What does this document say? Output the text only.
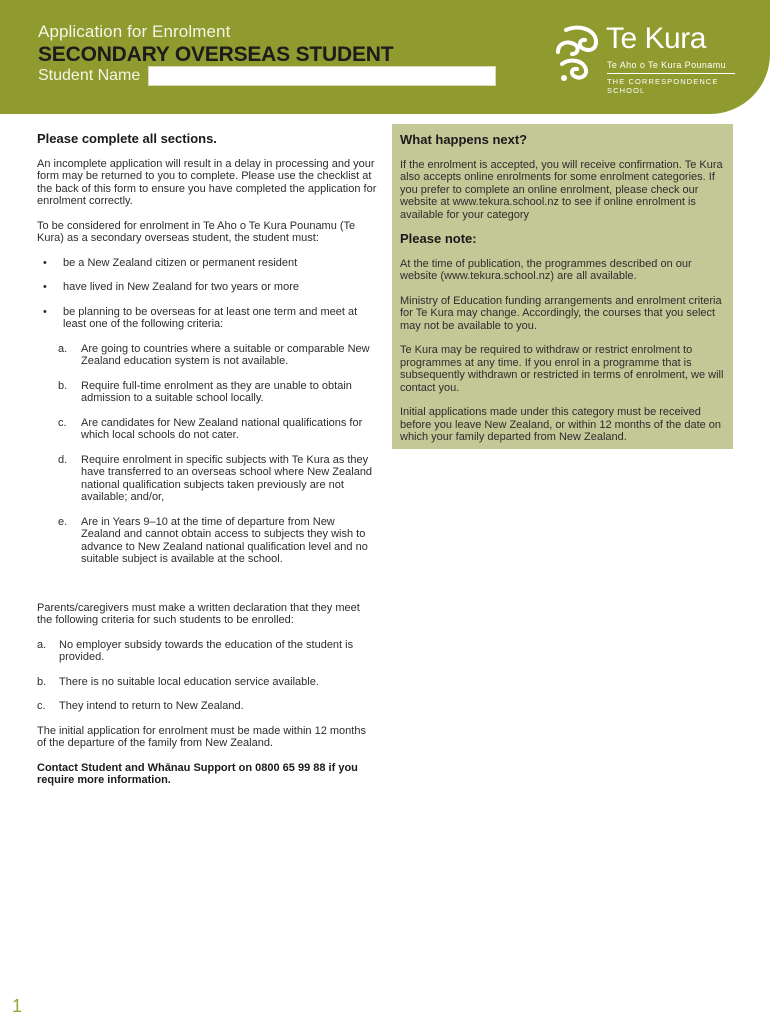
Application for Enrolment
SECONDARY OVERSEAS STUDENT
Student Name
Te Kura
Te Aho o Te Kura Pounamu
THE CORRESPONDENCE SCHOOL
Please complete all sections.

An incomplete application will result in a delay in processing and your form may be returned to you to complete. Please use the checklist at the back of this form to ensure you have completed the application for enrolment correctly.

To be considered for enrolment in Te Aho o Te Kura Pounamu (Te Kura) as a secondary overseas student, the student must:

• be a New Zealand citizen or permanent resident
• have lived in New Zealand for two years or more
• be planning to be overseas for at least one term and meet at least one of the following criteria:
a. Are going to countries where a suitable or comparable New Zealand education system is not available.
b. Require full-time enrolment as they are unable to obtain admission to a suitable school locally.
c. Are candidates for New Zealand national qualifications for which local schools do not cater.
d. Require enrolment in specific subjects with Te Kura as they have transferred to an overseas school where New Zealand national qualification subjects taken previously are not available; and/or,
e. Are in Years 9–10 at the time of departure from New Zealand and cannot obtain access to subjects they wish to advance to New Zealand national qualification level and no suitable subject is available at the school.

Parents/caregivers must make a written declaration that they meet the following criteria for such students to be enrolled:

a. No employer subsidy towards the education of the student is provided.
b. There is no suitable local education service available.
c. They intend to return to New Zealand.

The initial application for enrolment must be made within 12 months of the departure of the family from New Zealand.

Contact Student and Whānau Support on 0800 65 99 88 if you require more information.

What happens next?

If the enrolment is accepted, you will receive confirmation. Te Kura also accepts online enrolments for some enrolment categories. If you prefer to complete an online enrolment, please check our website at www.tekura.school.nz to see if online enrolment is available for your category

Please note:

At the time of publication, the programmes described on our website (www.tekura.school.nz) are all available.

Ministry of Education funding arrangements and enrolment criteria for Te Kura may change. Accordingly, the courses that you select may not be available to you.

Te Kura may be required to withdraw or restrict enrolment to programmes at any time. If you enrol in a programme that is subsequently withdrawn or restricted in terms of enrolment, we will contact you.

Initial applications made under this category must be received before you leave New Zealand, or within 12 months of the date on which your family departed from New Zealand.

1
